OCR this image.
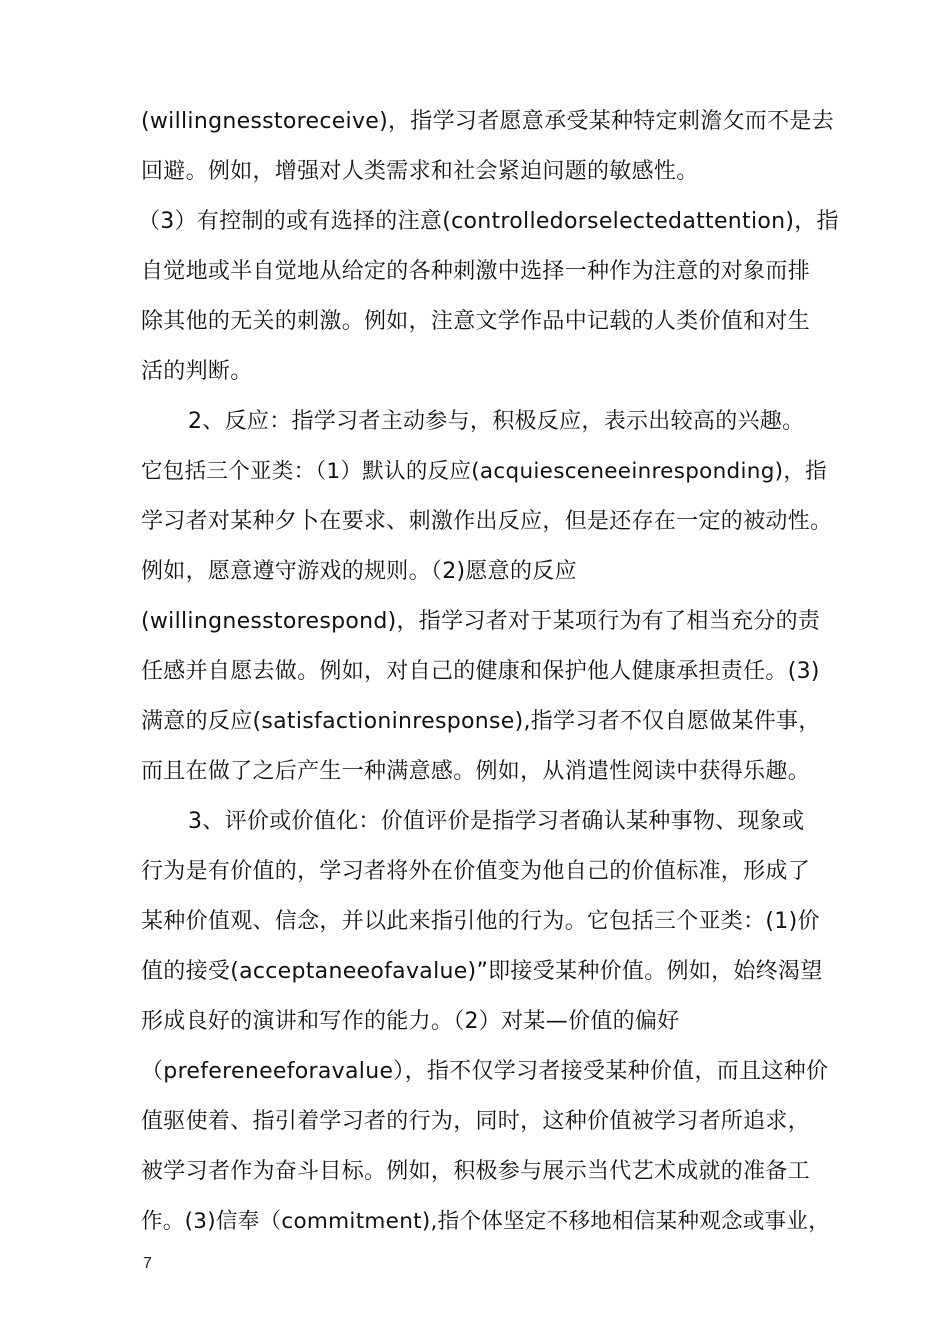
(willingnesstoreceive)，指学习者愿意承受某种特定刺澹攵而不是去
回避。例如，增强对人类需求和社会紧迫问题的敏感性。
（3）有控制的或有选择的注意(controlledorselectedattention)，指
自觉地或半自觉地从给定的各种刺激中选择一种作为注意的对象而排
除其他的无关的刺激。例如，注意文学作品中记载的人类价值和对生
活的判断。
2、反应：指学习者主动参与，积极反应，表示出较高的兴趣。
它包括三个亚类：（1）默认的反应(acquiesceneeinresponding)，指
学习者对某种夕卜在要求、刺激作出反应，但是还存在一定的被动性。
例如，愿意遵守游戏的规则。（2)愿意的反应
(willingnesstorespond)，指学习者对于某项行为有了相当充分的责
任感并自愿去做。例如，对自己的健康和保护他人健康承担责任。(3)
满意的反应(satisfactioninresponse),指学习者不仅自愿做某件事，
而且在做了之后产生一种满意感。例如，从消遣性阅读中获得乐趣。
3、评价或价值化：价值评价是指学习者确认某种事物、现象或
行为是有价值的，学习者将外在价值变为他自己的价值标准，形成了
某种价值观、信念，并以此来指引他的行为。它包括三个亚类：(1)价
值的接受(acceptaneeofavalue)”即接受某种价值。例如，始终渴望
形成良好的演讲和写作的能力。（2）对某—价值的偏好
（prefereneeforavalue），指不仅学习者接受某种价值，而且这种价
值驱使着、指引着学习者的行为，同时，这种价值被学习者所追求，
被学习者作为奋斗目标。例如，积极参与展示当代艺术成就的准备工
作。(3)信奉（commitment),指个体坚定不移地相信某种观念或事业，
7
